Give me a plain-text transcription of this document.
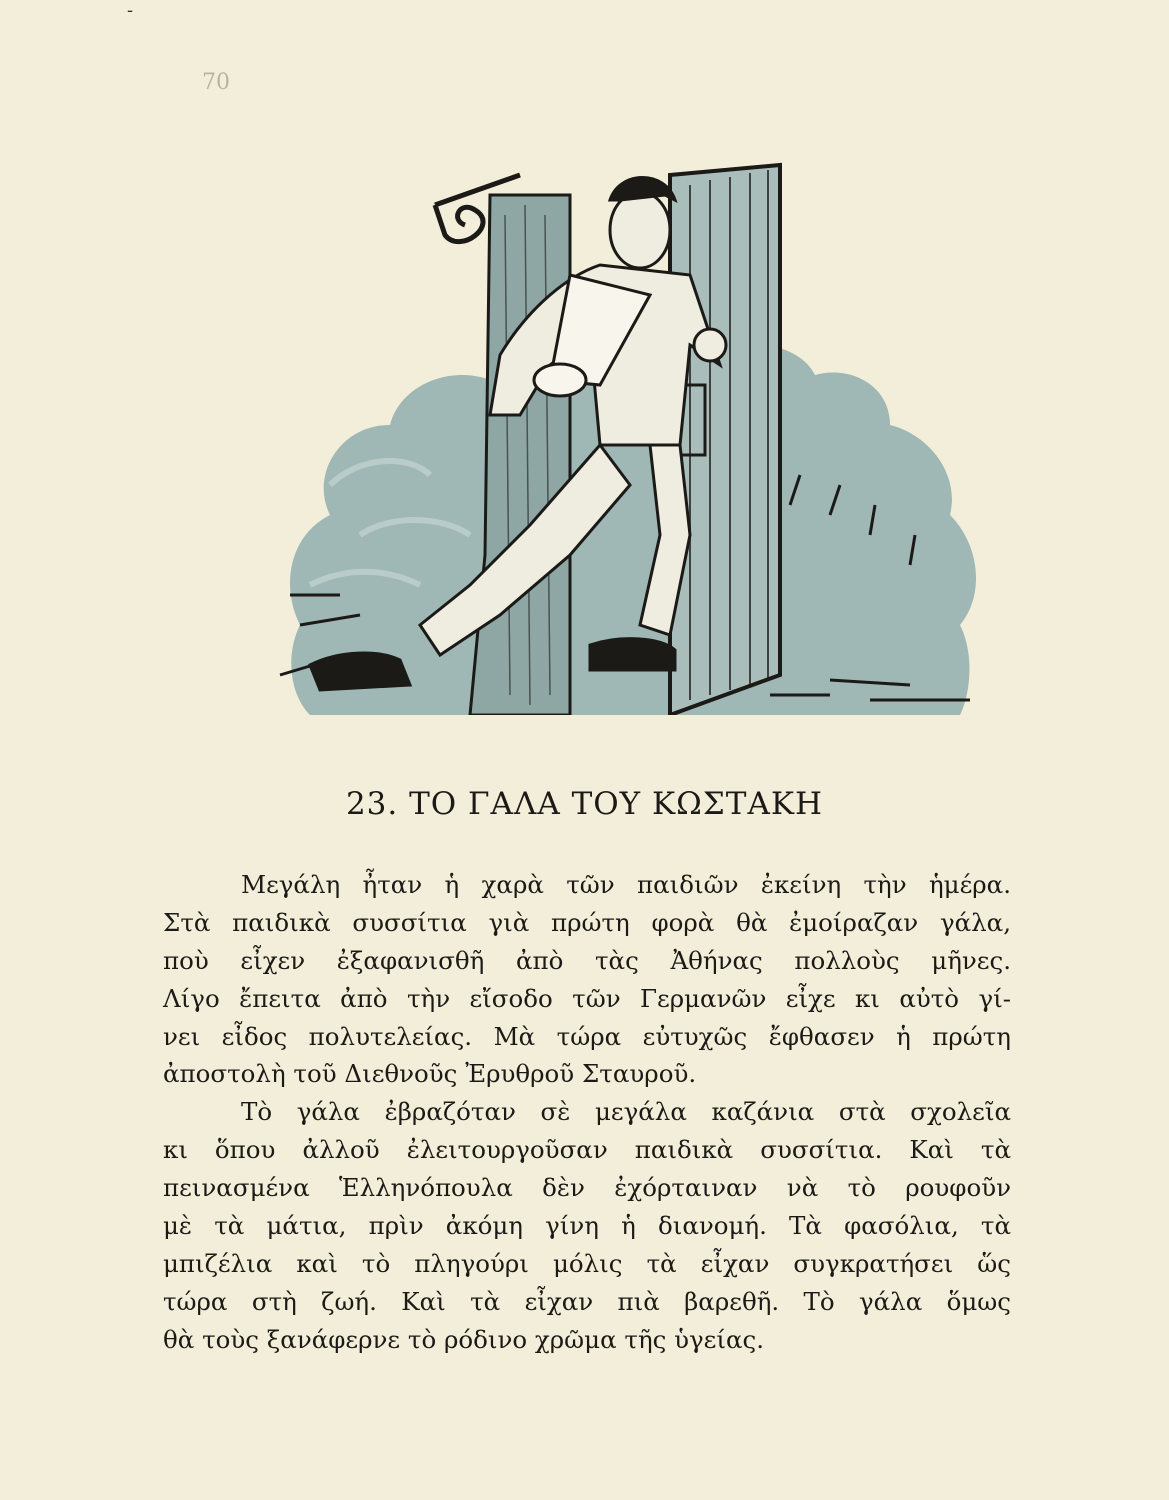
‐
70
23. ΤΟ ΓΑΛΑ ΤΟΥ ΚΩΣΤΑΚΗ
Μεγάλη ἦταν ἡ χαρὰ τῶν παιδιῶν ἐκείνη τὴν ἡμέρα.
Στὰ παιδικὰ συσσίτια γιὰ πρώτη φορὰ θὰ ἐμοίραζαν γάλα,
ποὺ εἶχεν ἐξαφανισθῆ ἀπὸ τὰς Ἀθήνας πολλοὺς μῆνες.
Λίγο ἔπειτα ἀπὸ τὴν εἴσοδο τῶν Γερμανῶν εἶχε κι αὐτὸ γί-
νει εἶδος πολυτελείας. Μὰ τώρα εὐτυχῶς ἔφθασεν ἡ πρώτη
ἀποστολὴ τοῦ Διεθνοῦς Ἐρυθροῦ Σταυροῦ.
Τὸ γάλα ἐβραζόταν σὲ μεγάλα καζάνια στὰ σχολεῖα
κι ὅπου ἀλλοῦ ἐλειτουργοῦσαν παιδικὰ συσσίτια. Καὶ τὰ
πεινασμένα Ἑλληνόπουλα δὲν ἐχόρταιναν νὰ τὸ ρουφοῦν
μὲ τὰ μάτια, πρὶν ἀκόμη γίνη ἡ διανομή. Τὰ φασόλια, τὰ
μπιζέλια καὶ τὸ πληγούρι μόλις τὰ εἶχαν συγκρατήσει ὥς
τώρα στὴ ζωή. Καὶ τὰ εἶχαν πιὰ βαρεθῆ. Τὸ γάλα ὅμως
θὰ τοὺς ξανάφερνε τὸ ρόδινο χρῶμα τῆς ὑγείας.
